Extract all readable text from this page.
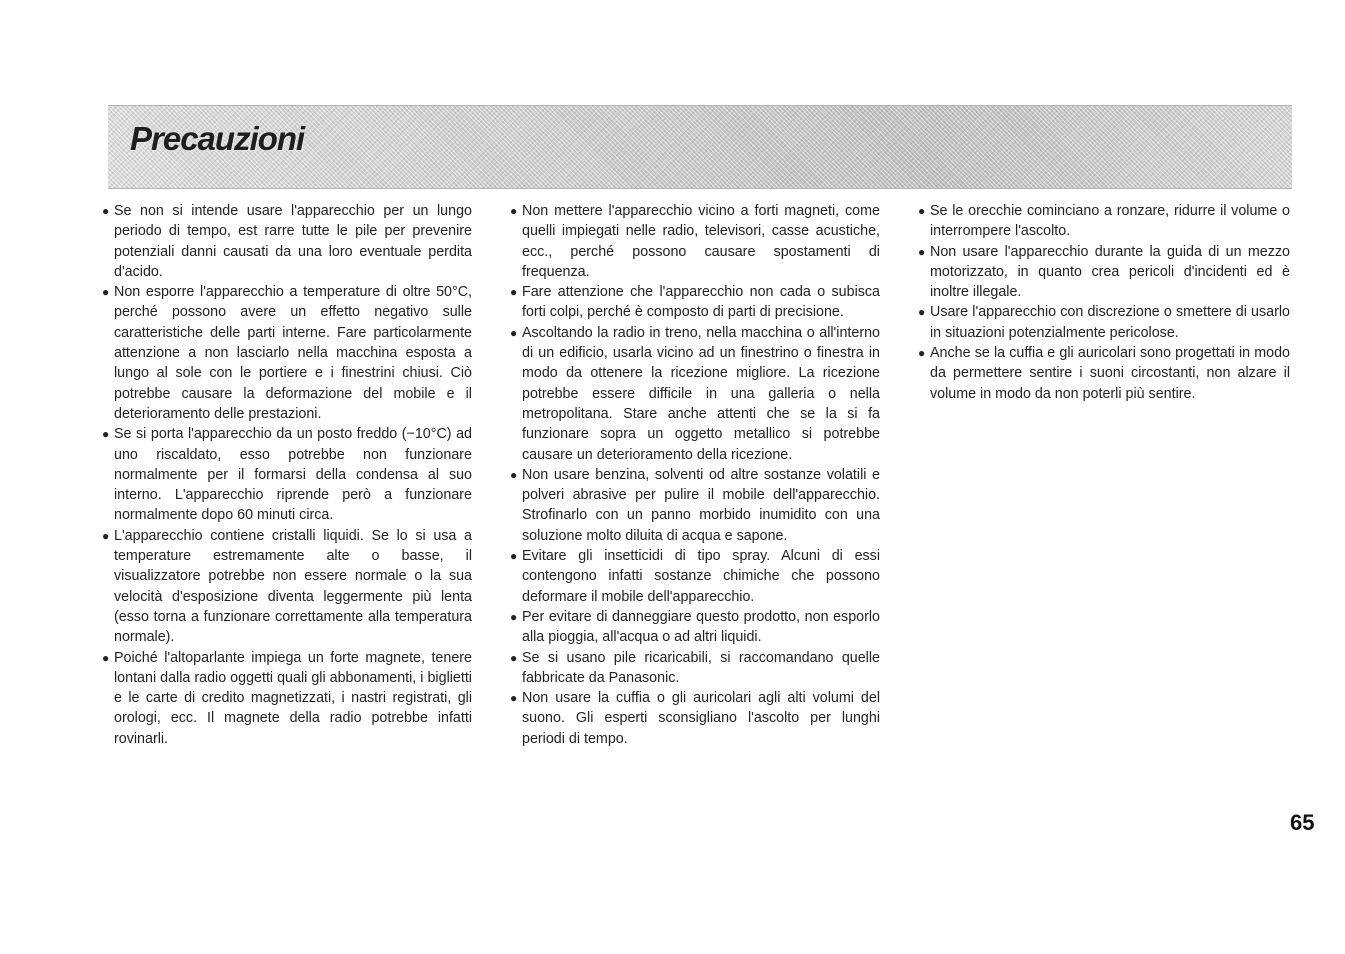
Precauzioni

● Se non si intende usare l'apparecchio per un lungo periodo di tempo, est rarre tutte le pile per prevenire potenziali danni causati da una loro eventuale perdita d'acido.

● Non esporre l'apparecchio a temperature di oltre 50°C, perché possono avere un effetto negativo sulle caratteristiche delle parti interne. Fare particolarmente attenzione a non lasciarlo nella macchina esposta a lungo al sole con le portiere e i finestrini chiusi. Ciò potrebbe causare la deformazione del mobile e il deterioramento delle prestazioni.

● Se si porta l'apparecchio da un posto freddo (−10°C) ad uno riscaldato, esso potrebbe non funzionare normalmente per il formarsi della condensa al suo interno. L'apparecchio riprende però a funzionare normalmente dopo 60 minuti circa.

● L'apparecchio contiene cristalli liquidi. Se lo si usa a temperature estremamente alte o basse, il visualizzatore potrebbe non essere normale o la sua velocità d'esposizione diventa leggermente più lenta (esso torna a funzionare correttamente alla temperatura normale).

● Poiché l'altoparlante impiega un forte magnete, tenere lontani dalla radio oggetti quali gli abbonamenti, i biglietti e le carte di credito magnetizzati, i nastri registrati, gli orologi, ecc. Il magnete della radio potrebbe infatti rovinarli.

● Non mettere l'apparecchio vicino a forti magneti, come quelli impiegati nelle radio, televisori, casse acustiche, ecc., perché possono causare spostamenti di frequenza.

● Fare attenzione che l'apparecchio non cada o subisca forti colpi, perché è composto di parti di precisione.

● Ascoltando la radio in treno, nella macchina o all'interno di un edificio, usarla vicino ad un finestrino o finestra in modo da ottenere la ricezione migliore. La ricezione potrebbe essere difficile in una galleria o nella metropolitana. Stare anche attenti che se la si fa funzionare sopra un oggetto metallico si potrebbe causare un deterioramento della ricezione.

● Non usare benzina, solventi od altre sostanze volatili e polveri abrasive per pulire il mobile dell'apparecchio. Strofinarlo con un panno morbido inumidito con una soluzione molto diluita di acqua e sapone.

● Evitare gli insetticidi di tipo spray. Alcuni di essi contengono infatti sostanze chimiche che possono deformare il mobile dell'apparecchio.

● Per evitare di danneggiare questo prodotto, non esporlo alla pioggia, all'acqua o ad altri liquidi.

● Se si usano pile ricaricabili, si raccomandano quelle fabbricate da Panasonic.

● Non usare la cuffia o gli auricolari agli alti volumi del suono. Gli esperti sconsigliano l'ascolto per lunghi periodi di tempo.

● Se le orecchie cominciano a ronzare, ridurre il volume o interrompere l'ascolto.

● Non usare l'apparecchio durante la guida di un mezzo motorizzato, in quanto crea pericoli d'incidenti ed è inoltre illegale.

● Usare l'apparecchio con discrezione o smettere di usarlo in situazioni potenzialmente pericolose.

● Anche se la cuffia e gli auricolari sono progettati in modo da permettere sentire i suoni circostanti, non alzare il volume in modo da non poterli più sentire.

65
